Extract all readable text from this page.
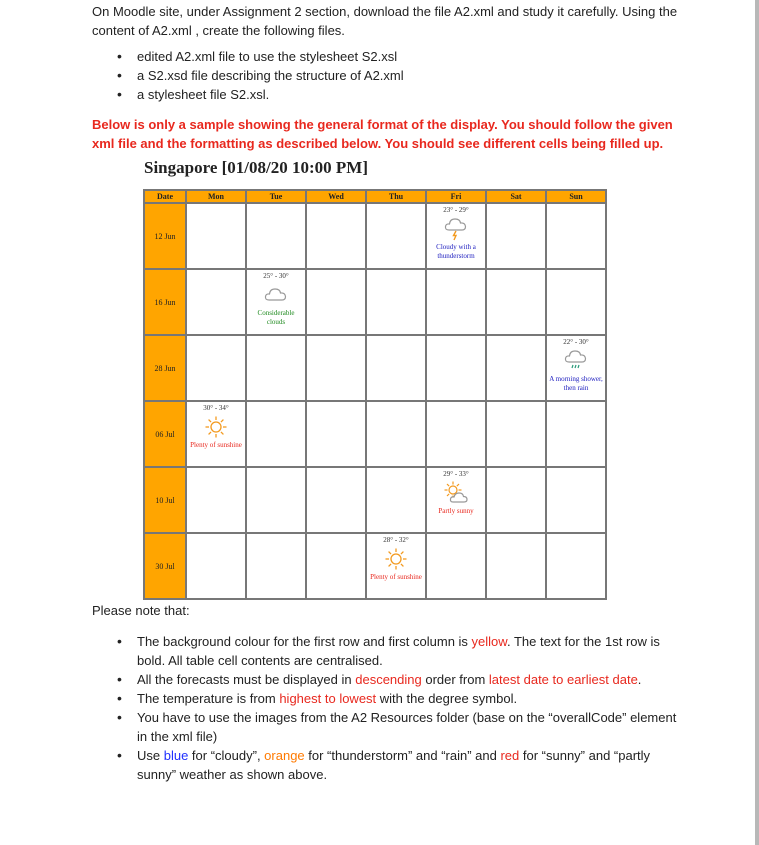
On Moodle site, under Assignment 2 section, download the file A2.xml and study it carefully. Using the content of A2.xml , create the following files.
• edited A2.xml file to use the stylesheet S2.xsl
• a S2.xsd file describing the structure of A2.xml
• a stylesheet file S2.xsl.
Below is only a sample showing the general format of the display. You should follow the given xml file and the formatting as described below. You should see different cells being filled up.
Singapore [01/08/20 10:00 PM]
Date	Mon	Tue	Wed	Thu	Fri	Sat	Sun
12 Jun					23° - 29°
Cloudy with a thunderstorm		

16 Jun		25° - 30°
Considerable clouds					

28 Jun							22° - 30°
A morning shower, then rain

06 Jul	30° - 34°
Plenty of sunshine						

10 Jul					29° - 33°
Partly sunny		

30 Jul				28° - 32°
Plenty of sunshine			

Please note that:
• The background colour for the first row and first column is yellow. The text for the 1st row is bold. All table cell contents are centralised.
• All the forecasts must be displayed in descending order from latest date to earliest date.
• The temperature is from highest to lowest with the degree symbol.
• You have to use the images from the A2 Resources folder (base on the “overallCode” element in the xml file)
• Use blue for “cloudy”, orange for “thunderstorm” and “rain” and red for “sunny” and “partly sunny” weather as shown above.
